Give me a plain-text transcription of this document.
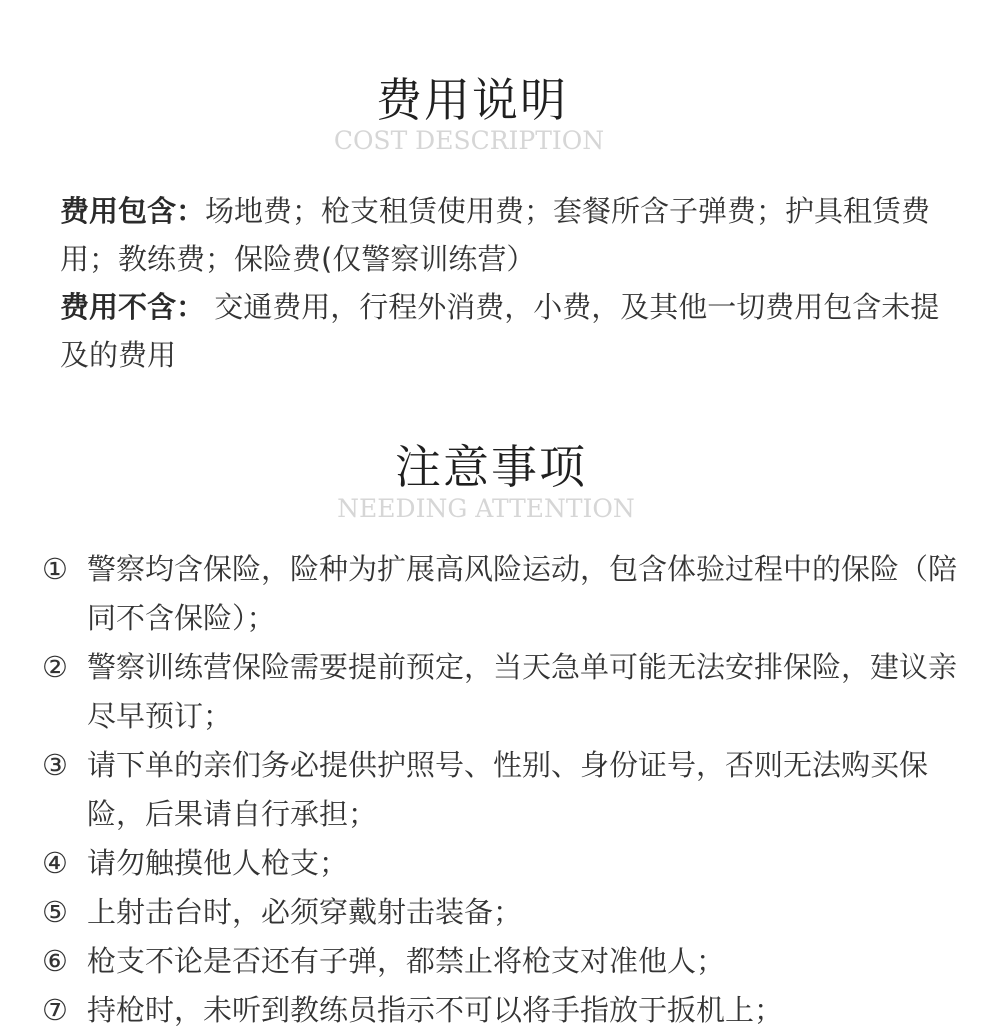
费用说明
COST DESCRIPTION

费用包含：场地费；枪支租赁使用费；套餐所含子弹费；护具租赁费用；教练费；保险费(仅警察训练营）

费用不含： 交通费用，行程外消费，小费，及其他一切费用包含未提及的费用

注意事项
NEEDING ATTENTION
① 警察均含保险，险种为扩展高风险运动，包含体验过程中的保险（陪同不含保险）；
② 警察训练营保险需要提前预定，当天急单可能无法安排保险，建议亲尽早预订；
③ 请下单的亲们务必提供护照号、性别、身份证号，否则无法购买保险，后果请自行承担；
④ 请勿触摸他人枪支；
⑤ 上射击台时，必须穿戴射击装备；
⑥ 枪支不论是否还有子弹，都禁止将枪支对准他人；
⑦ 持枪时，未听到教练员指示不可以将手指放于扳机上；
